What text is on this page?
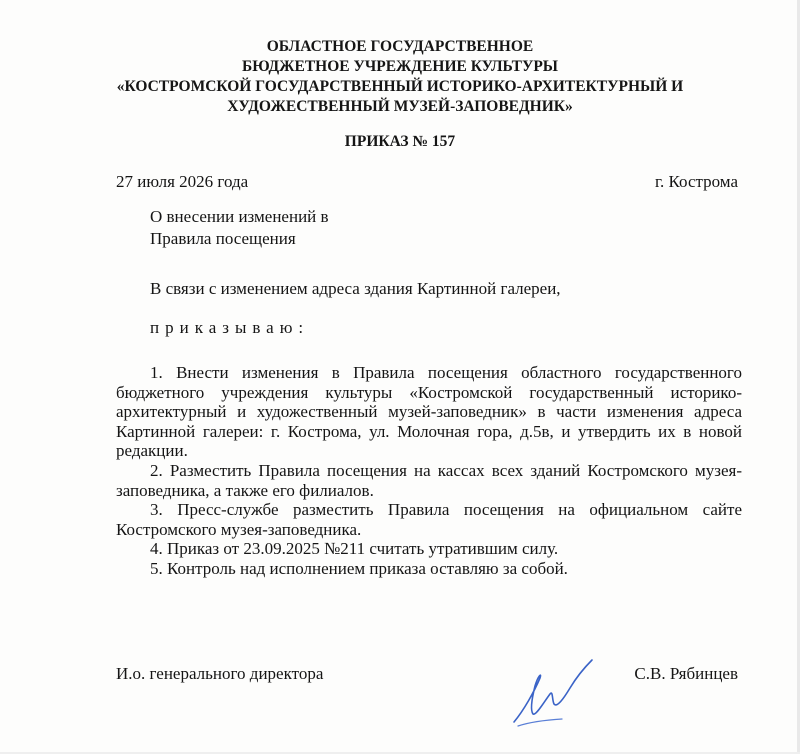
ОБЛАСТНОЕ ГОСУДАРСТВЕННОЕ
БЮДЖЕТНОЕ УЧРЕЖДЕНИЕ КУЛЬТУРЫ
«КОСТРОМСКОЙ ГОСУДАРСТВЕННЫЙ ИСТОРИКО-АРХИТЕКТУРНЫЙ И
ХУДОЖЕСТВЕННЫЙ МУЗЕЙ-ЗАПОВЕДНИК»
ПРИКАЗ № 157
27 июля 2026 года	г. Кострома
О внесении изменений в
Правила посещения
В связи с изменением адреса здания Картинной галереи,
приказываю:

1. Внести изменения в Правила посещения областного государственного бюджетного учреждения культуры «Костромской государственный историко-архитектурный и художественный музей-заповедник» в части изменения адреса Картинной галереи: г. Кострома, ул. Молочная гора, д.5в, и утвердить их в новой редакции.

2. Разместить Правила посещения на кассах всех зданий Костромского музея-заповедника, а также его филиалов.

3. Пресс-службе разместить Правила посещения на официальном сайте Костромского музея-заповедника.

4. Приказ от 23.09.2025 №211 считать утратившим силу.

5. Контроль над исполнением приказа оставляю за собой.

И.о. генерального директора	С.В. Рябинцев
